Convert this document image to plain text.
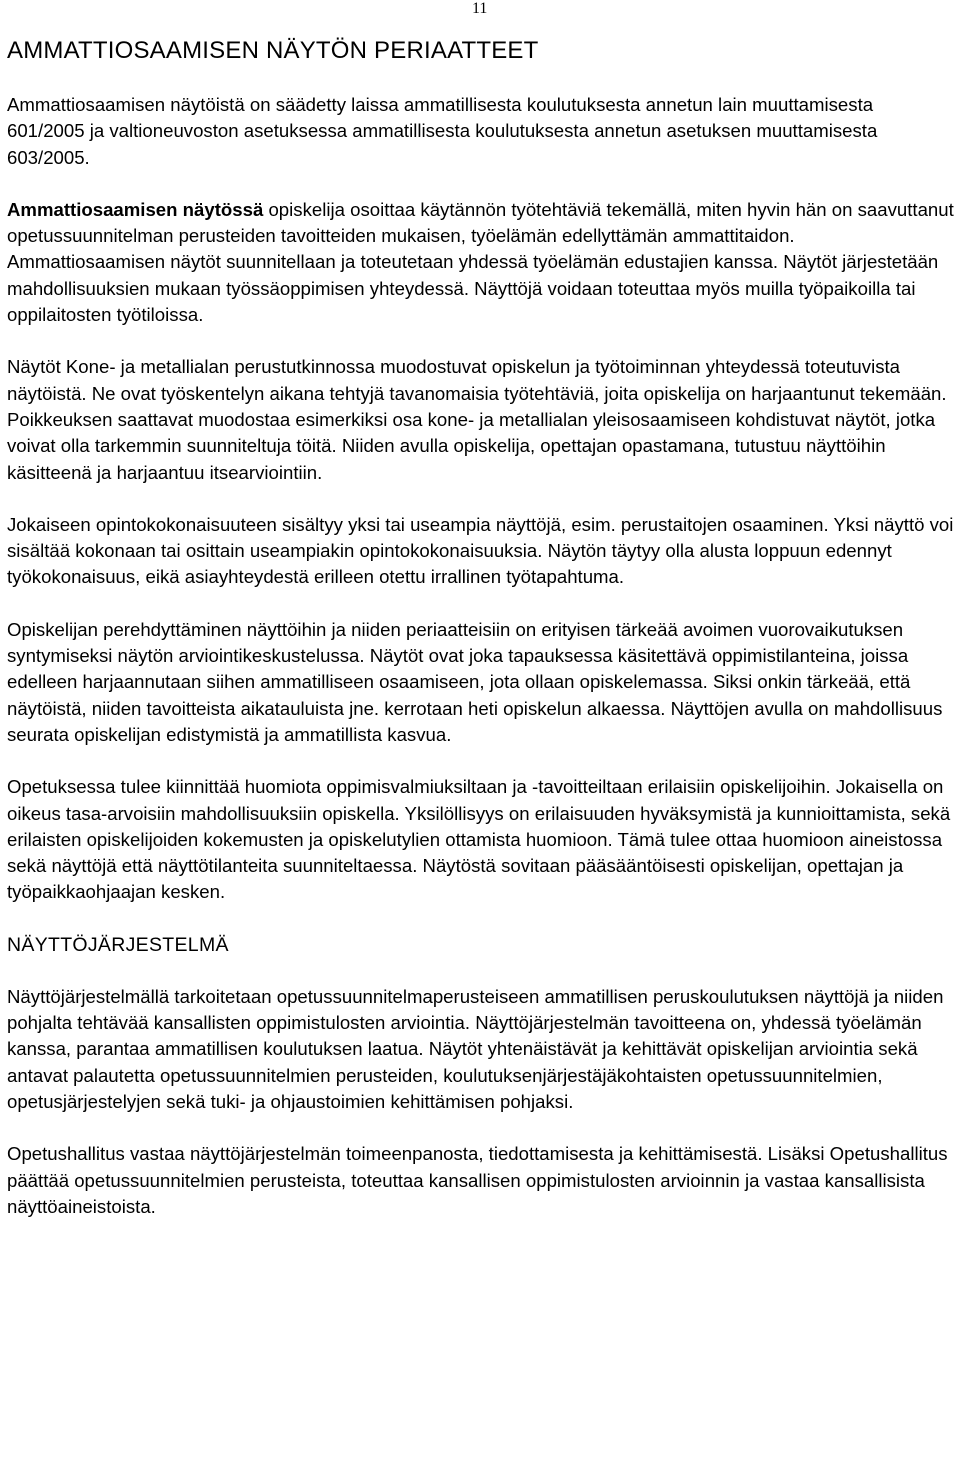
11
AMMATTIOSAAMISEN NÄYTÖN PERIAATTEET

Ammattiosaamisen näytöistä on säädetty laissa ammatillisesta koulutuksesta annetun lain muuttamisesta 601/2005 ja valtioneuvoston asetuksessa ammatillisesta koulutuksesta annetun asetuksen muuttamisesta 603/2005.

Ammattiosaamisen näytössä opiskelija osoittaa käytännön työtehtäviä tekemällä, miten hyvin hän on saavuttanut opetussuunnitelman perusteiden tavoitteiden mukaisen, työelämän edellyttämän ammattitaidon. Ammattiosaamisen näytöt suunnitellaan ja toteutetaan yhdessä työelämän edustajien kanssa. Näytöt järjestetään mahdollisuuksien mukaan työssäoppimisen yhteydessä. Näyttöjä voidaan toteuttaa myös muilla työpaikoilla tai oppilaitosten työtiloissa.

Näytöt Kone- ja metallialan perustutkinnossa muodostuvat opiskelun ja työtoiminnan yhteydessä toteutuvista näytöistä. Ne ovat työskentelyn aikana tehtyjä tavanomaisia työtehtäviä, joita opiskelija on harjaantunut tekemään. Poikkeuksen saattavat muodostaa esimerkiksi osa kone- ja metallialan yleisosaamiseen kohdistuvat näytöt, jotka voivat olla tarkemmin suunniteltuja töitä. Niiden avulla opiskelija, opettajan opastamana, tutustuu näyttöihin käsitteenä ja harjaantuu itsearviointiin.

Jokaiseen opintokokonaisuuteen sisältyy yksi tai useampia näyttöjä, esim. perustaitojen osaaminen. Yksi näyttö voi sisältää kokonaan tai osittain useampiakin opintokokonaisuuksia. Näytön täytyy olla alusta loppuun edennyt työkokonaisuus, eikä asiayhteydestä erilleen otettu irrallinen työtapahtuma.

Opiskelijan perehdyttäminen näyttöihin ja niiden periaatteisiin on erityisen tärkeää avoimen vuorovaikutuksen syntymiseksi näytön arviointikeskustelussa. Näytöt ovat joka tapauksessa käsitettävä oppimistilanteina, joissa edelleen harjaannutaan siihen ammatilliseen osaamiseen, jota ollaan opiskelemassa. Siksi onkin tärkeää, että näytöistä, niiden tavoitteista aikatauluista jne. kerrotaan heti opiskelun alkaessa. Näyttöjen avulla on mahdollisuus seurata opiskelijan edistymistä ja ammatillista kasvua.

Opetuksessa tulee kiinnittää huomiota oppimisvalmiuksiltaan ja -tavoitteiltaan erilaisiin opiskelijoihin. Jokaisella on oikeus tasa-arvoisiin mahdollisuuksiin opiskella. Yksilöllisyys on erilaisuuden hyväksymistä ja kunnioittamista, sekä erilaisten opiskelijoiden kokemusten ja opiskelutylien ottamista huomioon. Tämä tulee ottaa huomioon aineistossa sekä näyttöjä että näyttötilanteita suunniteltaessa. Näytöstä sovitaan pääsääntöisesti opiskelijan, opettajan ja työpaikkaohjaajan kesken.

NÄYTTÖJÄRJESTELMÄ

Näyttöjärjestelmällä tarkoitetaan opetussuunnitelmaperusteiseen ammatillisen peruskoulutuksen näyttöjä ja niiden pohjalta tehtävää kansallisten oppimistulosten arviointia. Näyttöjärjestelmän tavoitteena on, yhdessä työelämän kanssa, parantaa ammatillisen koulutuksen laatua. Näytöt yhtenäistävät ja kehittävät opiskelijan arviointia sekä antavat palautetta opetussuunnitelmien perusteiden, koulutuksenjärjestäjäkohtaisten opetussuunnitelmien, opetusjärjestelyjen sekä tuki- ja ohjaustoimien kehittämisen pohjaksi.

Opetushallitus vastaa näyttöjärjestelmän toimeenpanosta, tiedottamisesta ja kehittämisestä. Lisäksi Opetushallitus päättää opetussuunnitelmien perusteista, toteuttaa kansallisen oppimistulosten arvioinnin ja vastaa kansallisista näyttöaineistoista.
